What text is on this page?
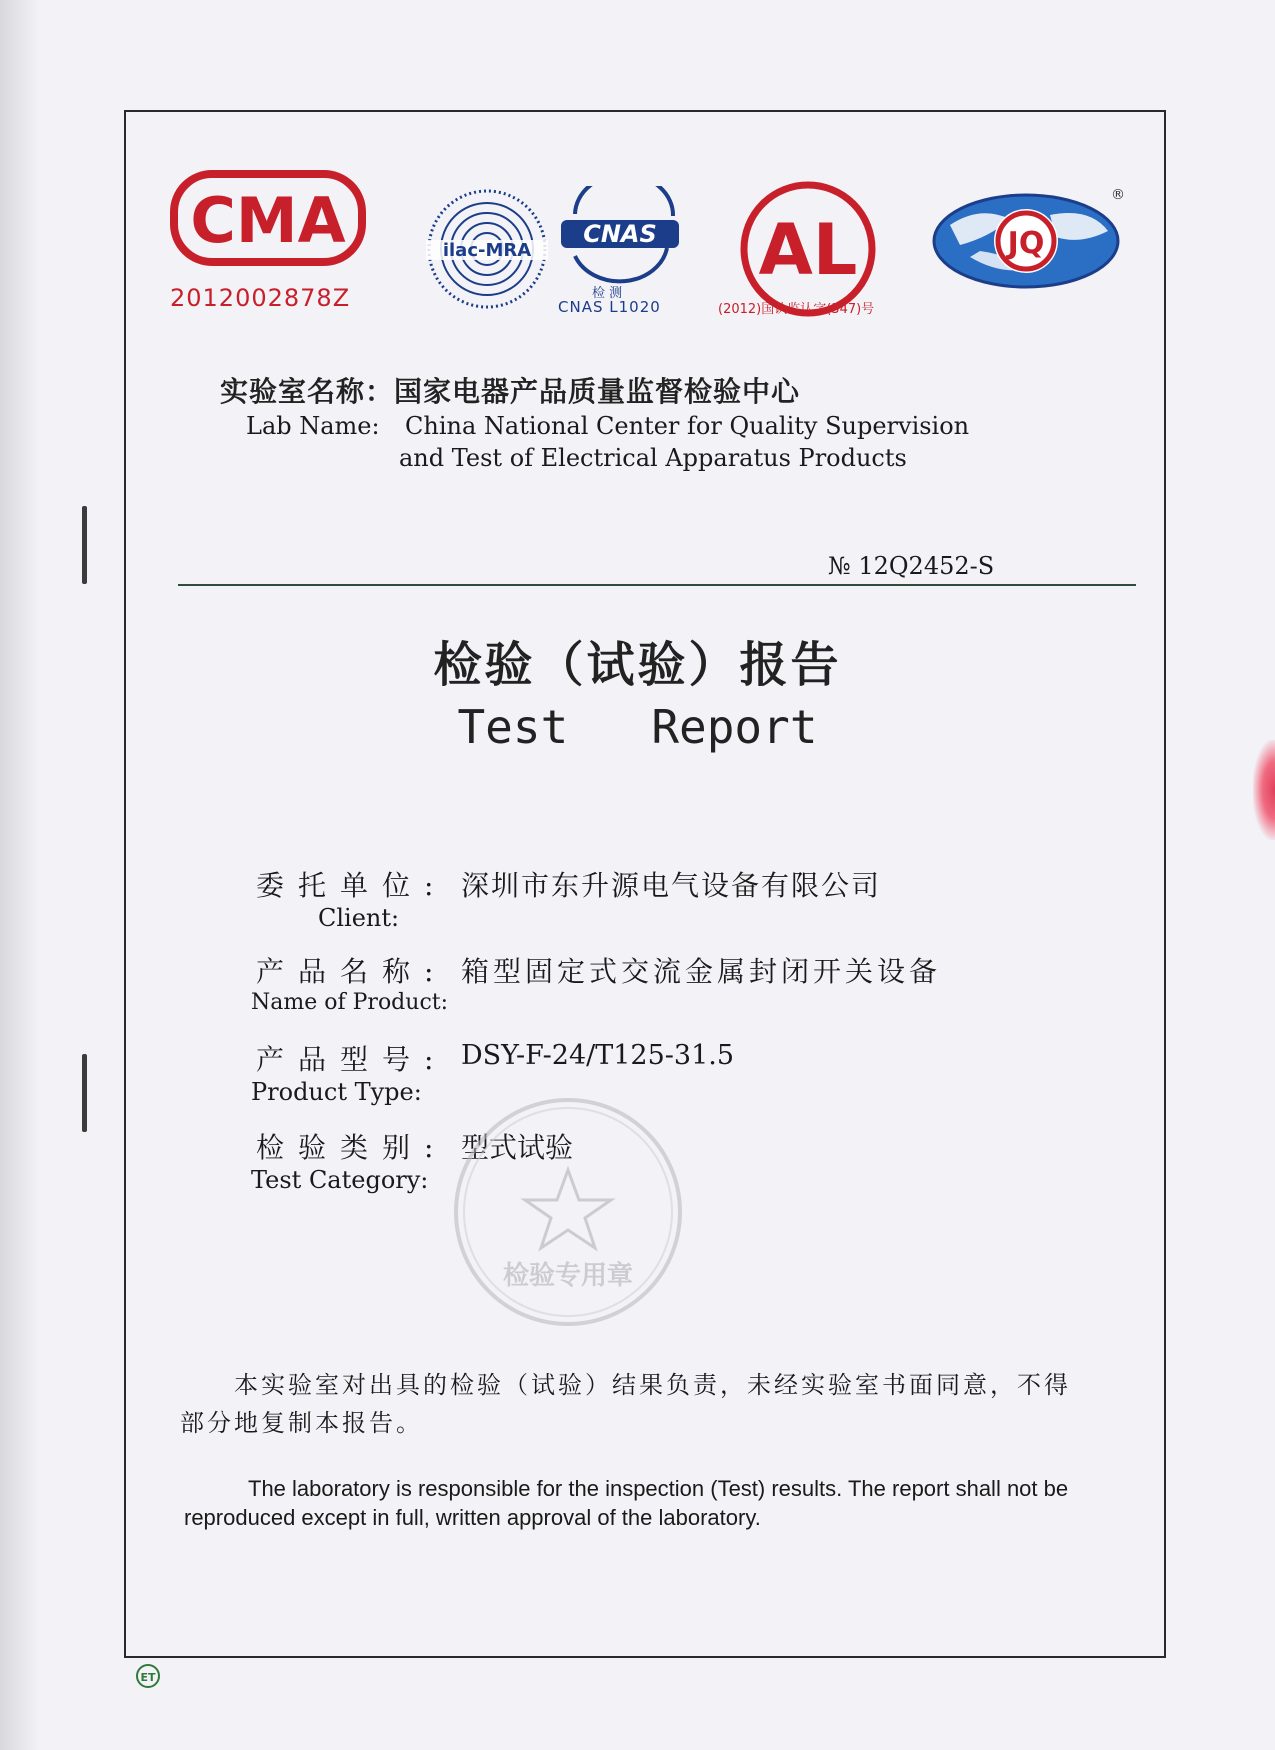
CMA
2012002878Z
ilac-MRA
CNAS
检 测
CNAS L1020
AL
(2012)国认监认字(347)号
JQ
®
实验室名称：国家电器产品质量监督检验中心
Lab Name: China National Center for Quality Supervision
and Test of Electrical Apparatus Products
№ 12Q2452-S
检验（试验）报告
Test   Report
委托单位: 深圳市东升源电气设备有限公司
Client:
产品名称: 箱型固定式交流金属封闭开关设备
Name of Product:
产品型号: DSY-F-24/T125-31.5
Product Type:
检验类别: 型式试验
Test Category:
检验专用章
本实验室对出具的检验（试验）结果负责，未经实验室书面同意，不得部分地复制本报告。
The laboratory is responsible for the inspection (Test) results. The report shall not be reproduced except in full, written approval of the laboratory.
ET
